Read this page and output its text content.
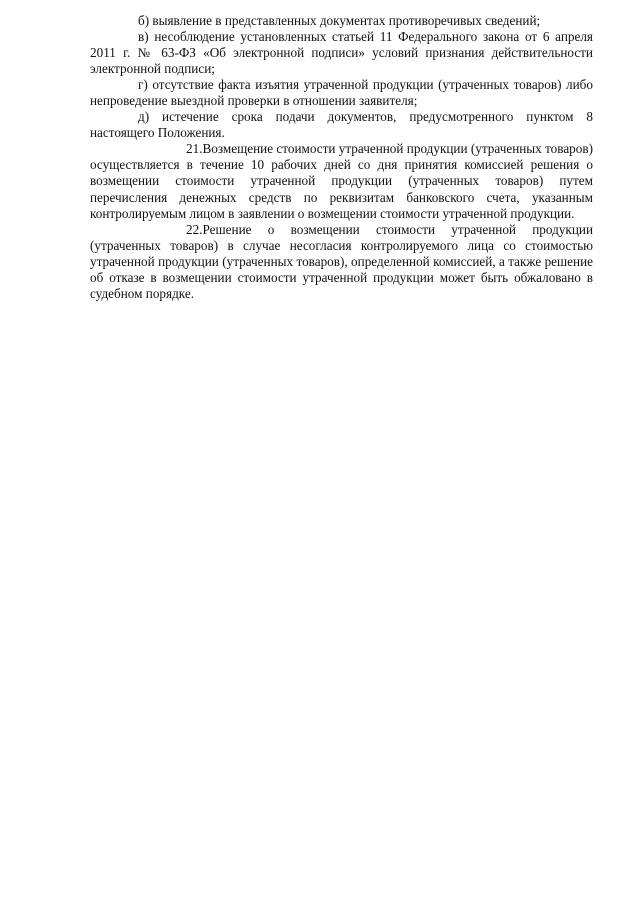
б) выявление в представленных документах противоречивых сведений;

в) несоблюдение установленных статьей 11 Федерального закона от 6 апреля 2011 г. № 63-ФЗ «Об электронной подписи» условий признания действительности электронной подписи;

г) отсутствие факта изъятия утраченной продукции (утраченных товаров) либо непроведение выездной проверки в отношении заявителя;

д) истечение срока подачи документов, предусмотренного пунктом 8 настоящего Положения.

21.Возмещение стоимости утраченной продукции (утраченных товаров) осуществляется в течение 10 рабочих дней со дня принятия комиссией решения о возмещении стоимости утраченной продукции (утраченных товаров) путем перечисления денежных средств по реквизитам банковского счета, указанным контролируемым лицом в заявлении о возмещении стоимости утраченной продукции.

22.Решение о возмещении стоимости утраченной продукции (утраченных товаров) в случае несогласия контролируемого лица со стоимостью утраченной продукции (утраченных товаров), определенной комиссией, а также решение об отказе в возмещении стоимости утраченной продукции может быть обжаловано в судебном порядке.
